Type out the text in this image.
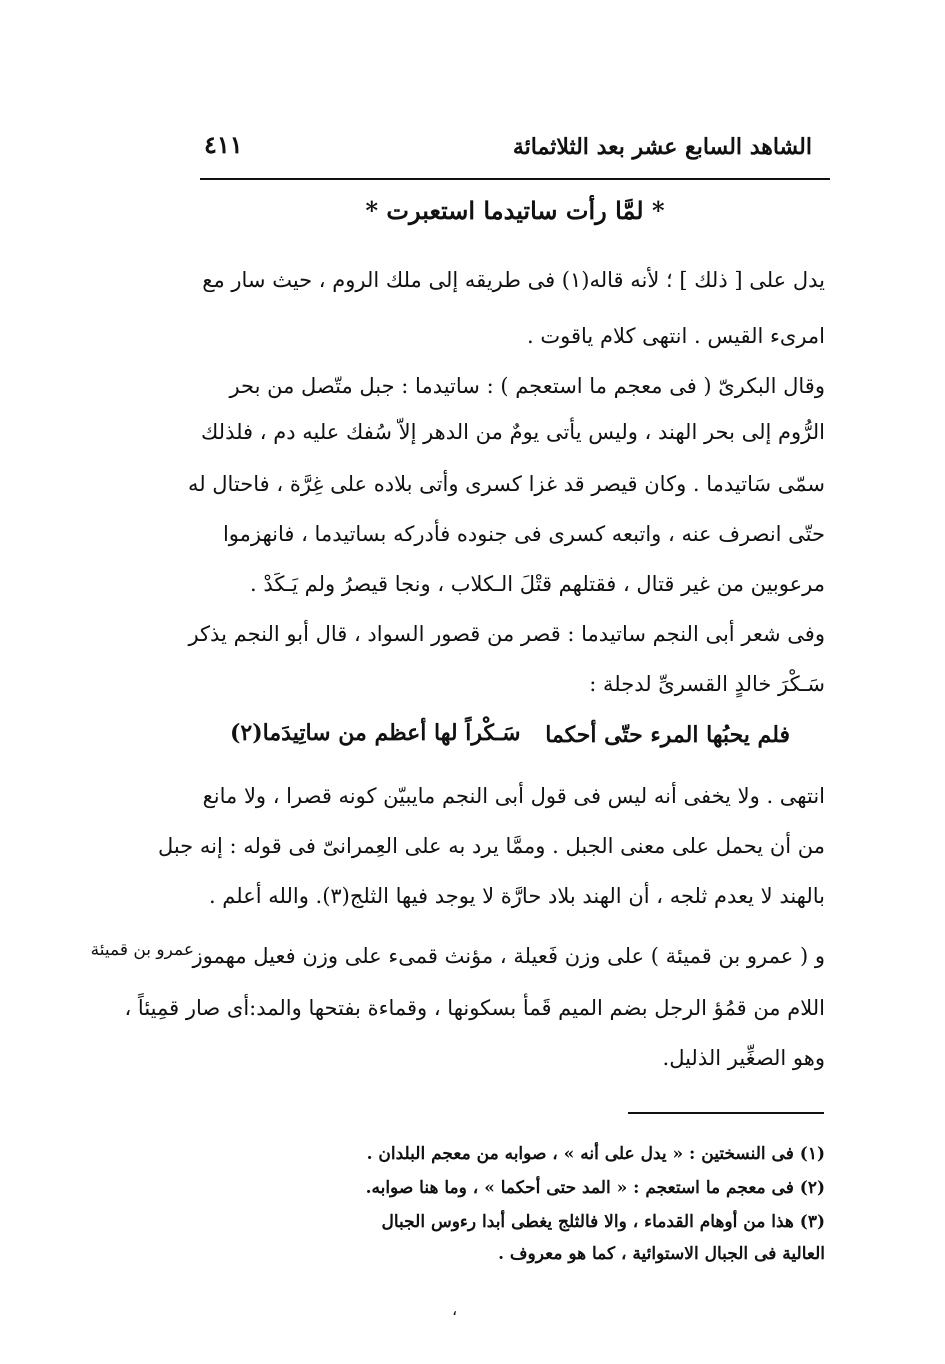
الشاهد السابع عشر بعد الثلاثمائة
٤١١
* لمَّا رأت ساتيدما استعبرت *
يدل على [ ذلك ] ؛ لأنه قاله(١) فى طريقه إلى ملك الروم ، حيث سار مع
امرىء القيس . انتهى كلام ياقوت .
وقال البكرىّ ( فى معجم ما استعجم ) : ساتيدما : جبل متّصل من بحر
الرُّوم إلى بحر الهند ، وليس يأتى يومٌ من الدهر إلاّ سُفك عليه دم ، فلذلك
سمّى سَاتيدما . وكان قيصر قد غزا كسرى وأتى بلاده على غِرَّة ، فاحتال له
حتّى انصرف عنه ، واتبعه كسرى فى جنوده فأدركه بساتيدما ، فانهزموا
مرعوبين من غير قتال ، فقتلهم قتْلَ الـكلاب ، ونجا قيصرُ ولم يَـكَدْ .
وفى شعر أبى النجم ساتيدما : قصر من قصور السواد ، قال أبو النجم يذكر
سَـكْرَ خالدٍ القسرىِّ لدجلة :
فلم يحبُها المرء حتّى أحكما
سَـكْراً لها أعظم من ساتِيدَما(٢)
انتهى . ولا يخفى أنه ليس فى قول أبى النجم مايبيّن كونه قصرا ، ولا مانع
من أن يحمل على معنى الجبل . وممَّا يرد به على العِمرانىّ فى قوله : إنه جبل
بالهند لا يعدم ثلجه ، أن الهند بلاد حارَّة لا يوجد فيها الثلج(٣). والله أعلم .
و ( عمرو بن قميئة ) على وزن فَعيلة ، مؤنث قمىء على وزن فعيل مهموز
اللام من قمُؤ الرجل بضم الميم قَمأ بسكونها ، وقماءة بفتحها والمد:أى صار قمِيئاً ،
وهو الصغِّير الذليل.
عمرو بن قميئة
(١) فى النسختين : « يدل على أنه » ، صوابه من معجم البلدان .
(٢) فى معجم ما استعجم : « المد حتى أحكما » ، وما هنا صوابه.
(٣) هذا من أوهام القدماء ، والا فالثلج يغطى أبدا رءوس الجبال
العالية فى الجبال الاستوائية ، كما هو معروف .
،
